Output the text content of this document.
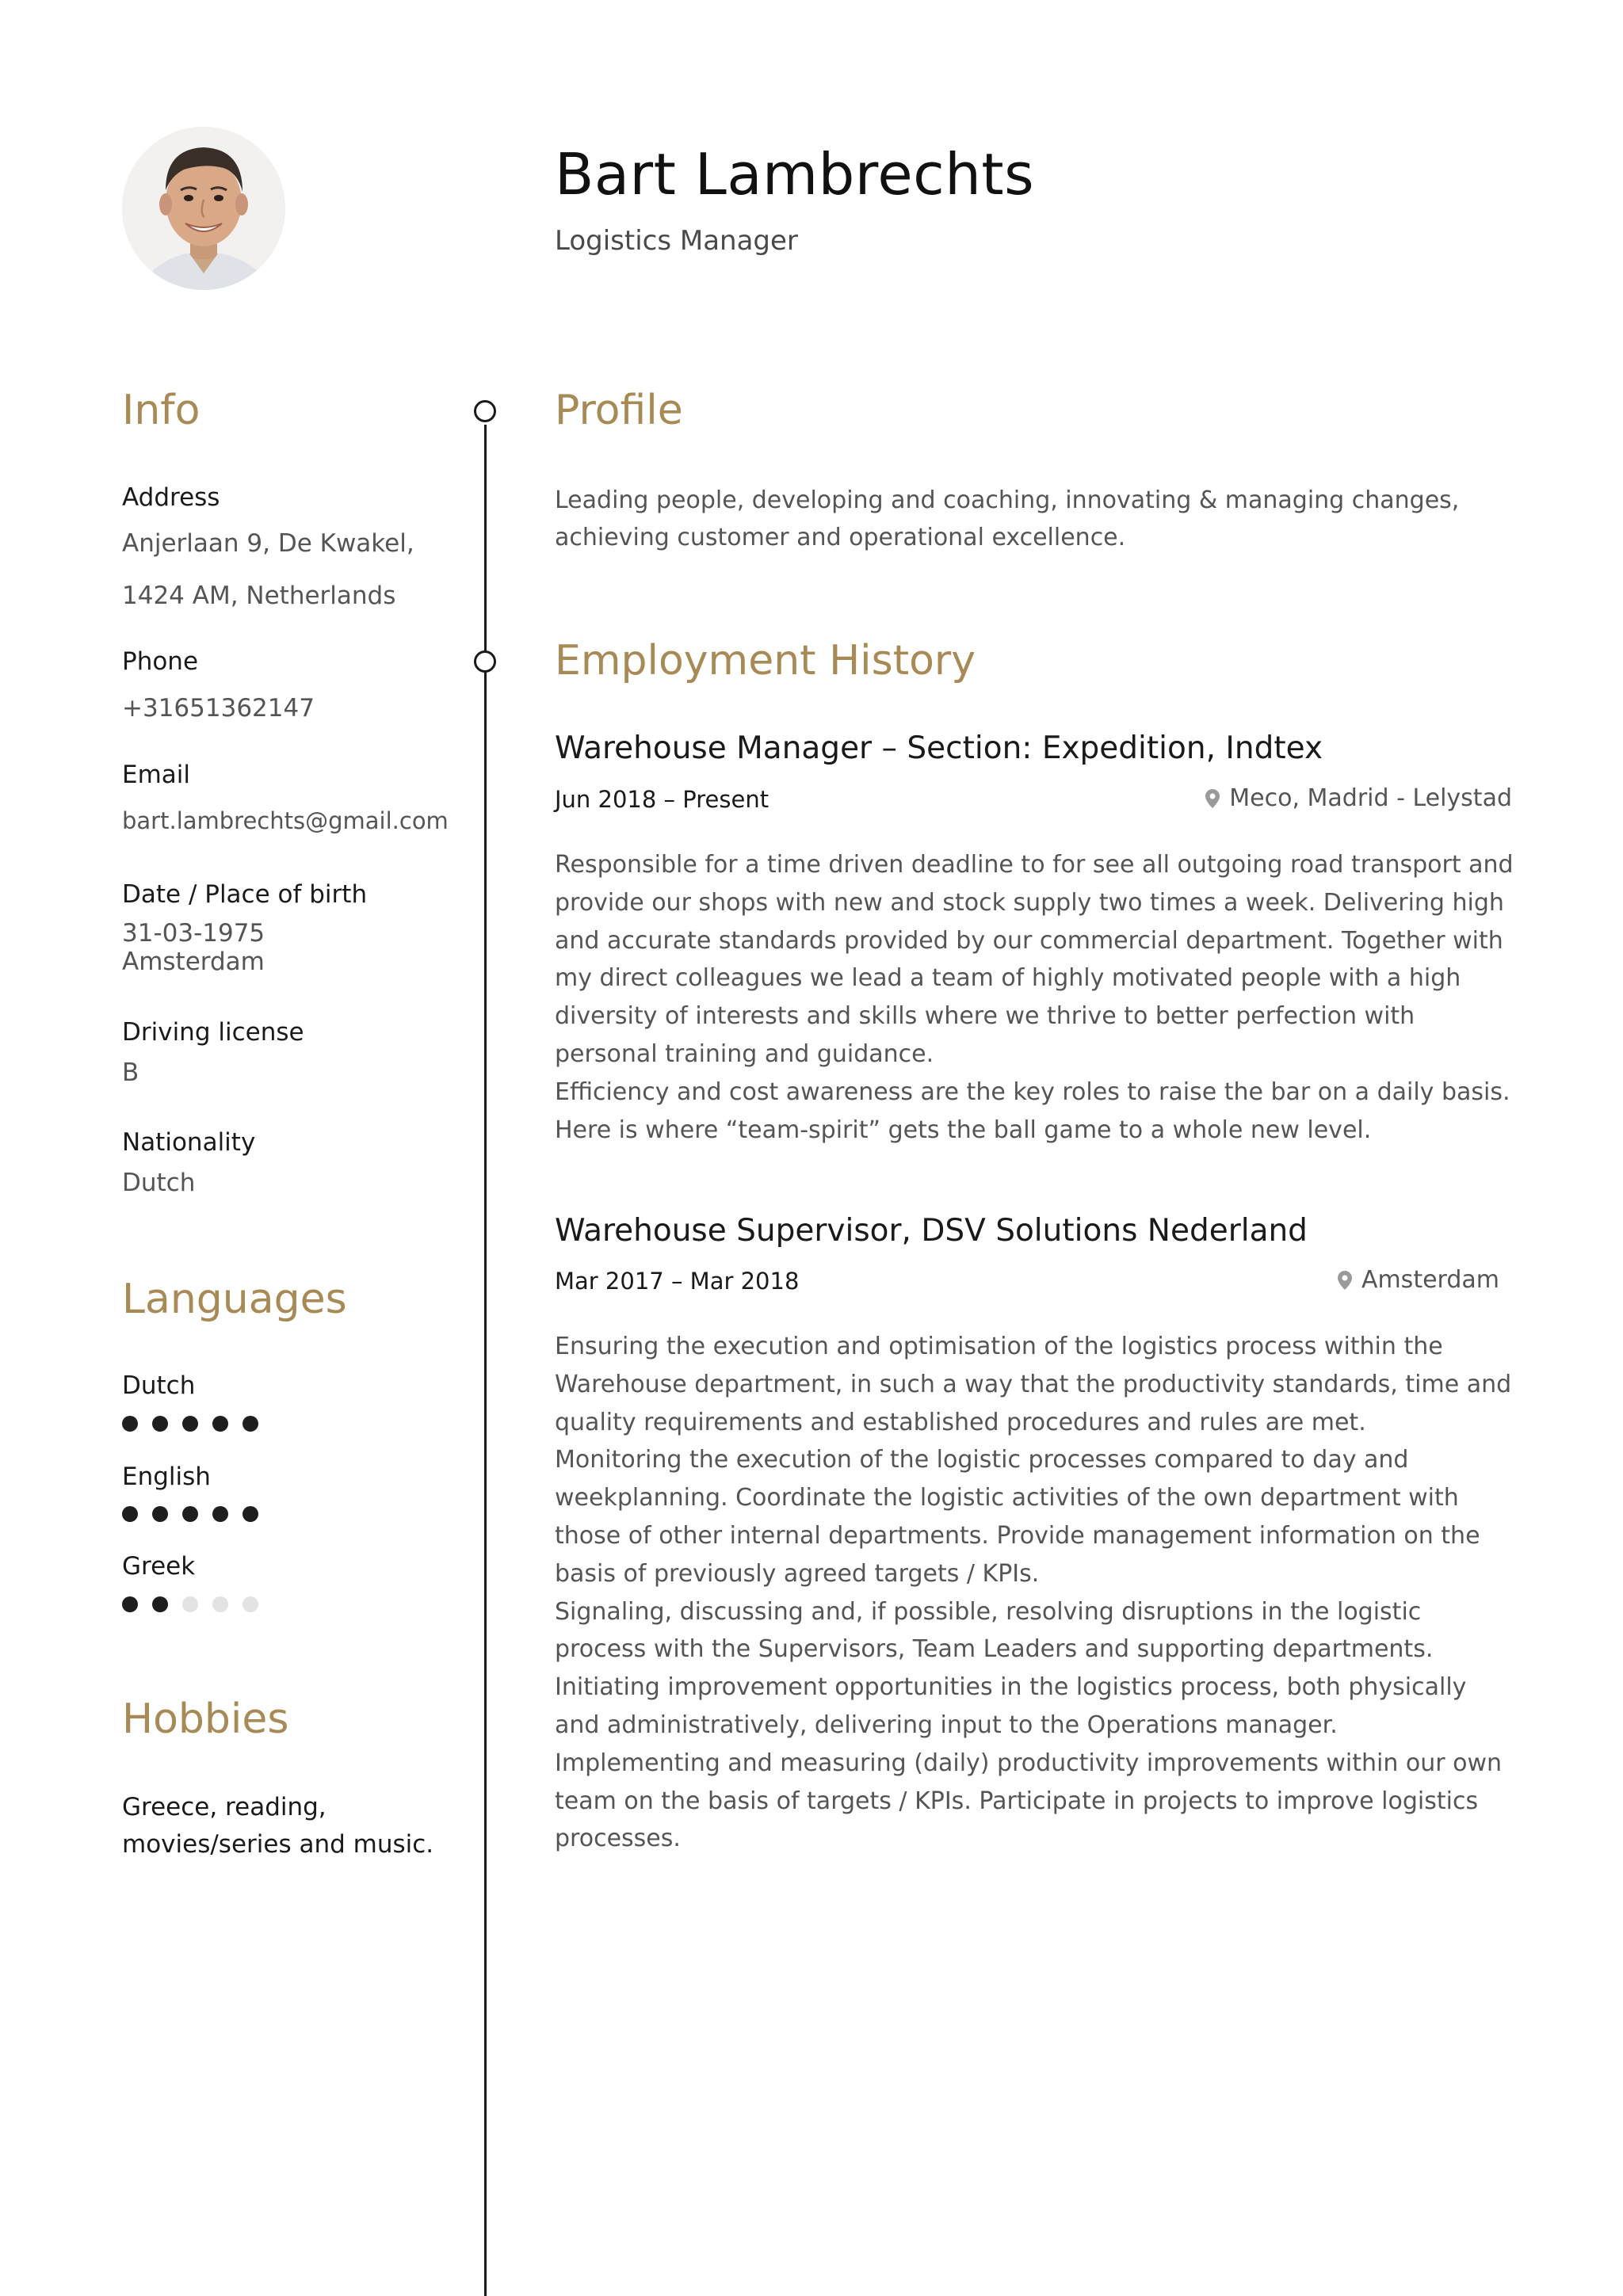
Bart Lambrechts
Logistics Manager
Info
Address
Anjerlaan 9, De Kwakel,
1424 AM, Netherlands
Phone
+31651362147
Email
bart.lambrechts@gmail.com
Date / Place of birth
31-03-1975
Amsterdam
Driving license
B
Nationality
Dutch
Languages
Dutch
English
Greek
Hobbies
Greece, reading,
movies/series and music.
Profile
Leading people, developing and coaching, innovating & managing changes, achieving customer and operational excellence.
Employment History
Warehouse Manager – Section: Expedition, Indtex
Jun 2018 – Present	Meco, Madrid - Lelystad

Responsible for a time driven deadline to for see all outgoing road transport and provide our shops with new and stock supply two times a week. Delivering high and accurate standards provided by our commercial department. Together with my direct colleagues we lead a team of highly motivated people with a high diversity of interests and skills where we thrive to better perfection with personal training and guidance.

Efficiency and cost awareness are the key roles to raise the bar on a daily basis.

Here is where “team-spirit” gets the ball game to a whole new level.

Warehouse Supervisor, DSV Solutions Nederland
Mar 2017 – Mar 2018	Amsterdam

Ensuring the execution and optimisation of the logistics process within the Warehouse department, in such a way that the productivity standards, time and quality requirements and established procedures and rules are met.

Monitoring the execution of the logistic processes compared to day and weekplanning. Coordinate the logistic activities of the own department with those of other internal departments. Provide management information on the basis of previously agreed targets / KPIs.

Signaling, discussing and, if possible, resolving disruptions in the logistic process with the Supervisors, Team Leaders and supporting departments.

Initiating improvement opportunities in the logistics process, both physically and administratively, delivering input to the Operations manager.

Implementing and measuring (daily) productivity improvements within our own team on the basis of targets / KPIs. Participate in projects to improve logistics processes.
